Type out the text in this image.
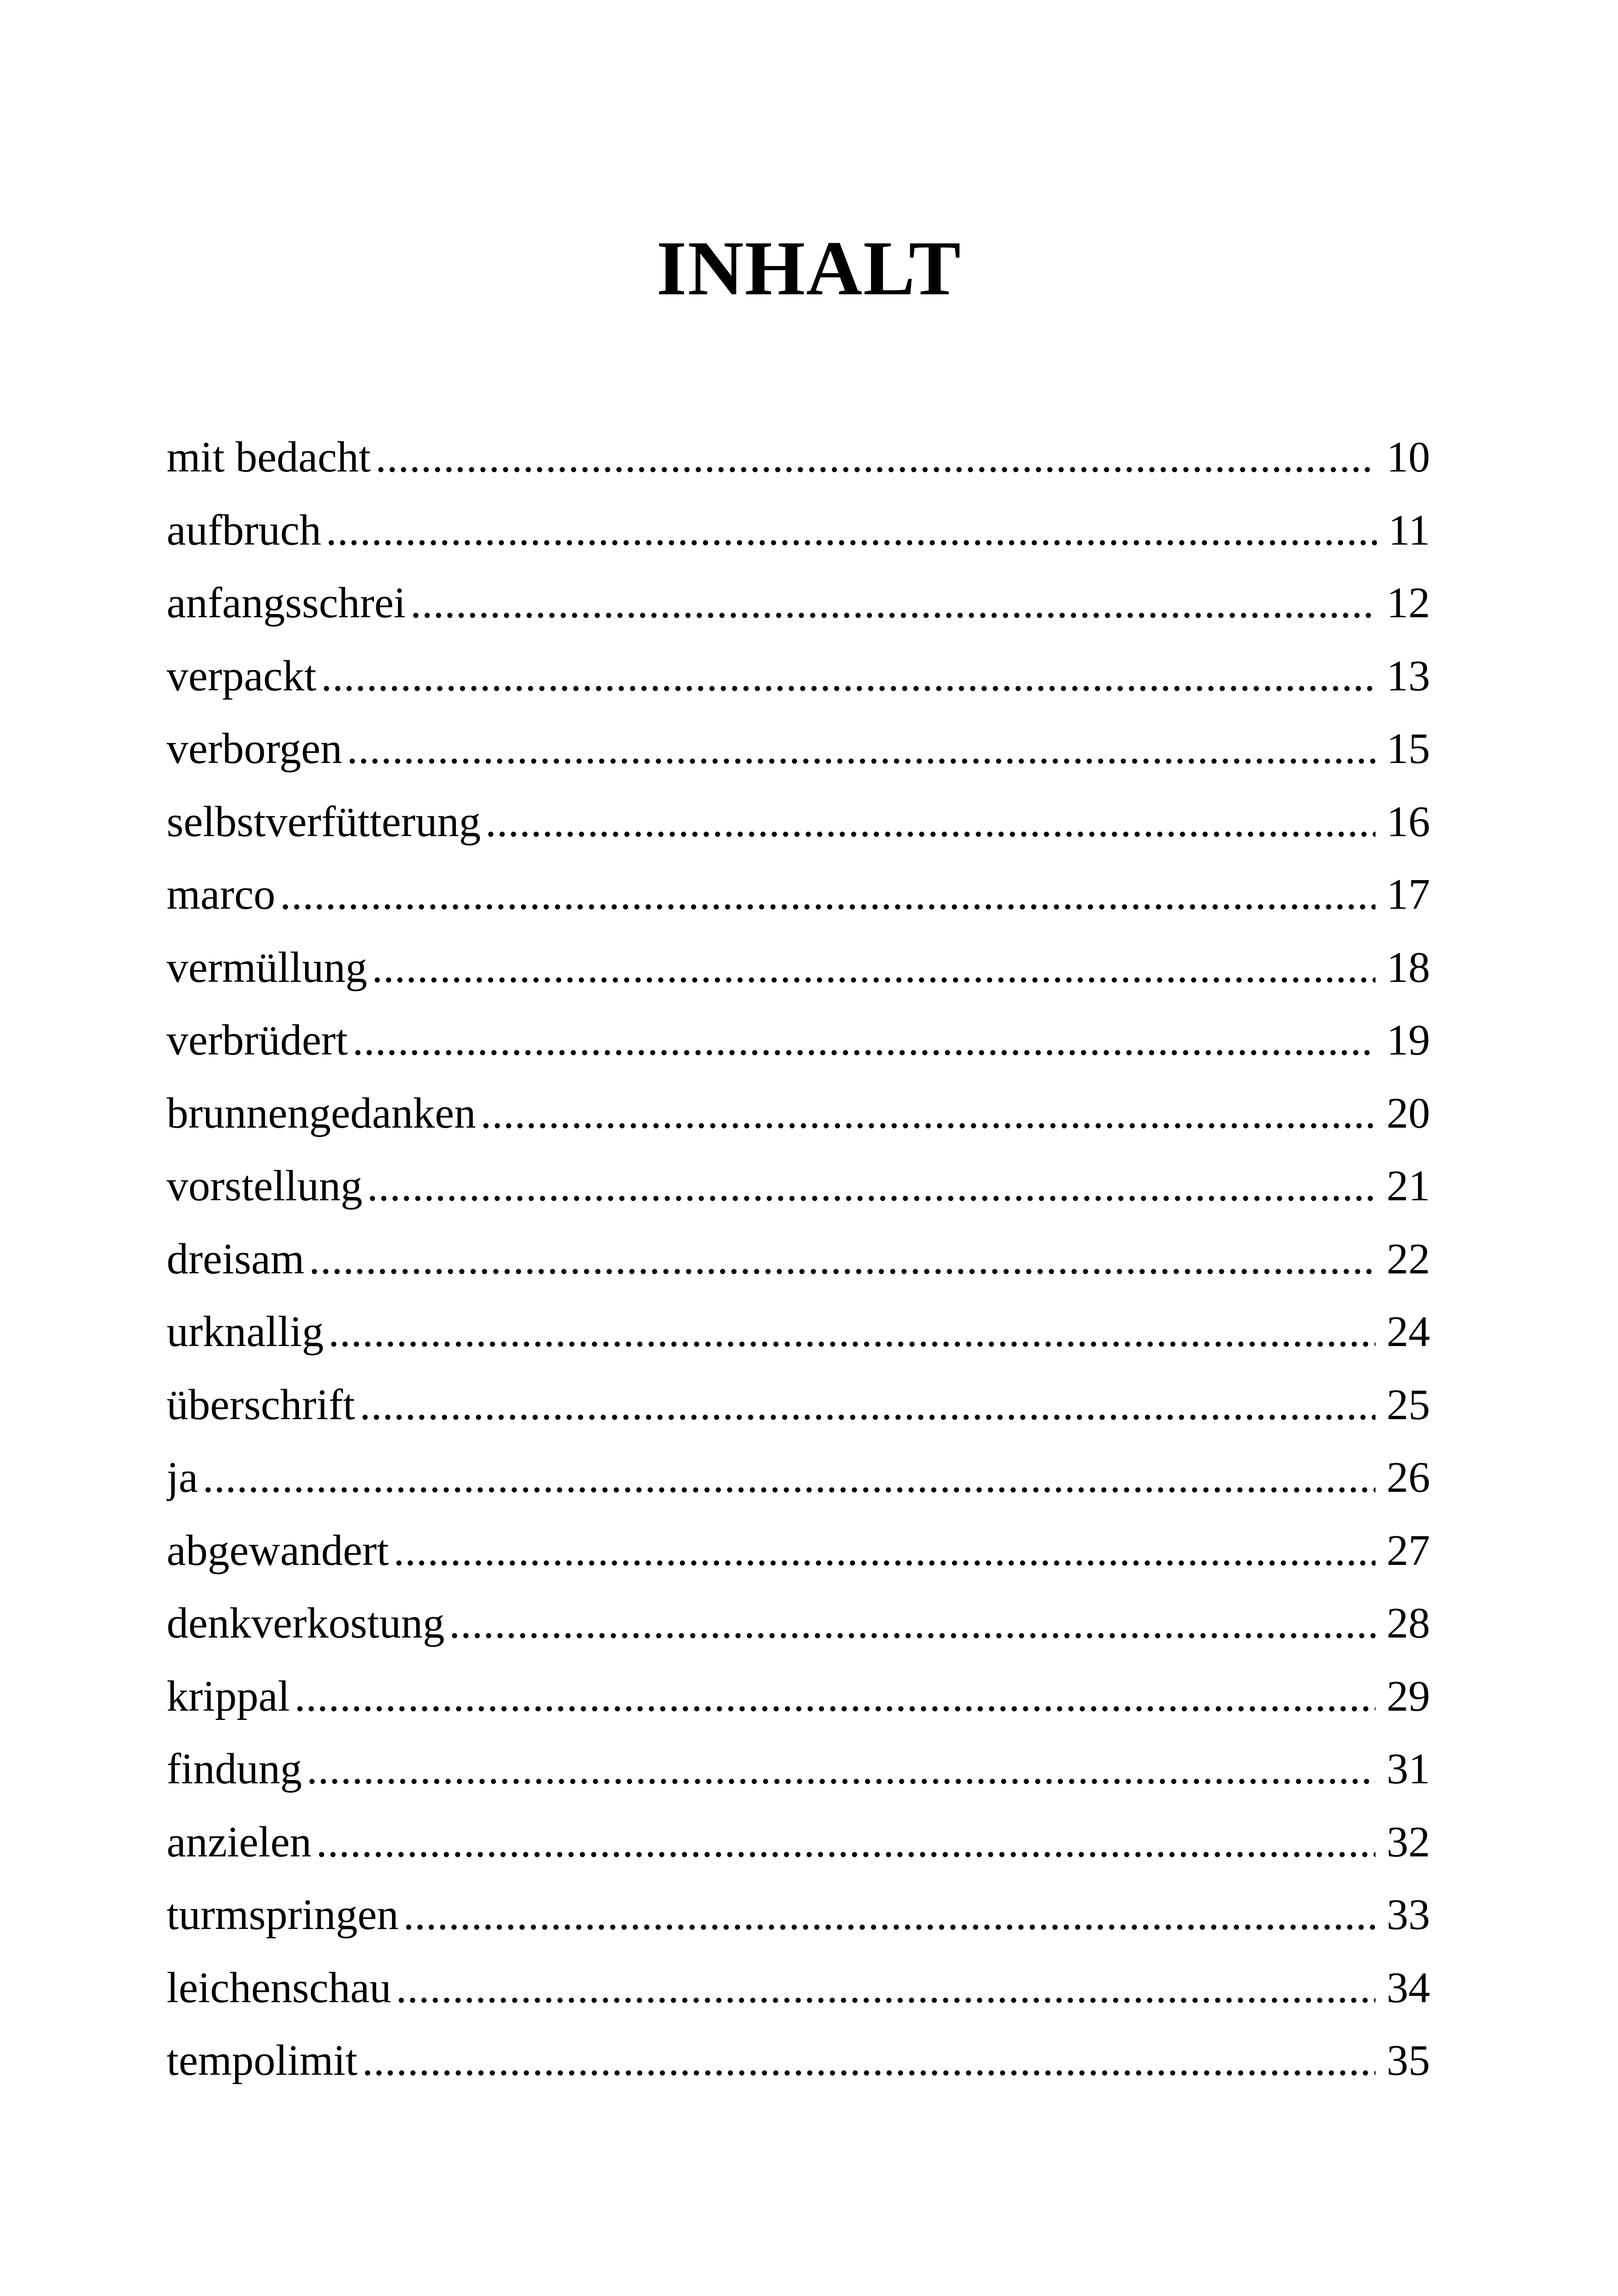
INHALT
mit bedacht .....	10
aufbruch .....	11
anfangsschrei .....	12
verpackt .....	13
verborgen .....	15
selbstverfütterung .....	16
marco .....	17
vermüllung .....	18
verbrüdert .....	19
brunnengedanken .....	20
vorstellung .....	21
dreisam .....	22
urknallig .....	24
überschrift .....	25
ja .....	26
abgewandert .....	27
denkverkostung .....	28
krippal .....	29
findung .....	31
anzielen .....	32
turmspringen .....	33
leichenschau .....	34
tempolimit .....	35
